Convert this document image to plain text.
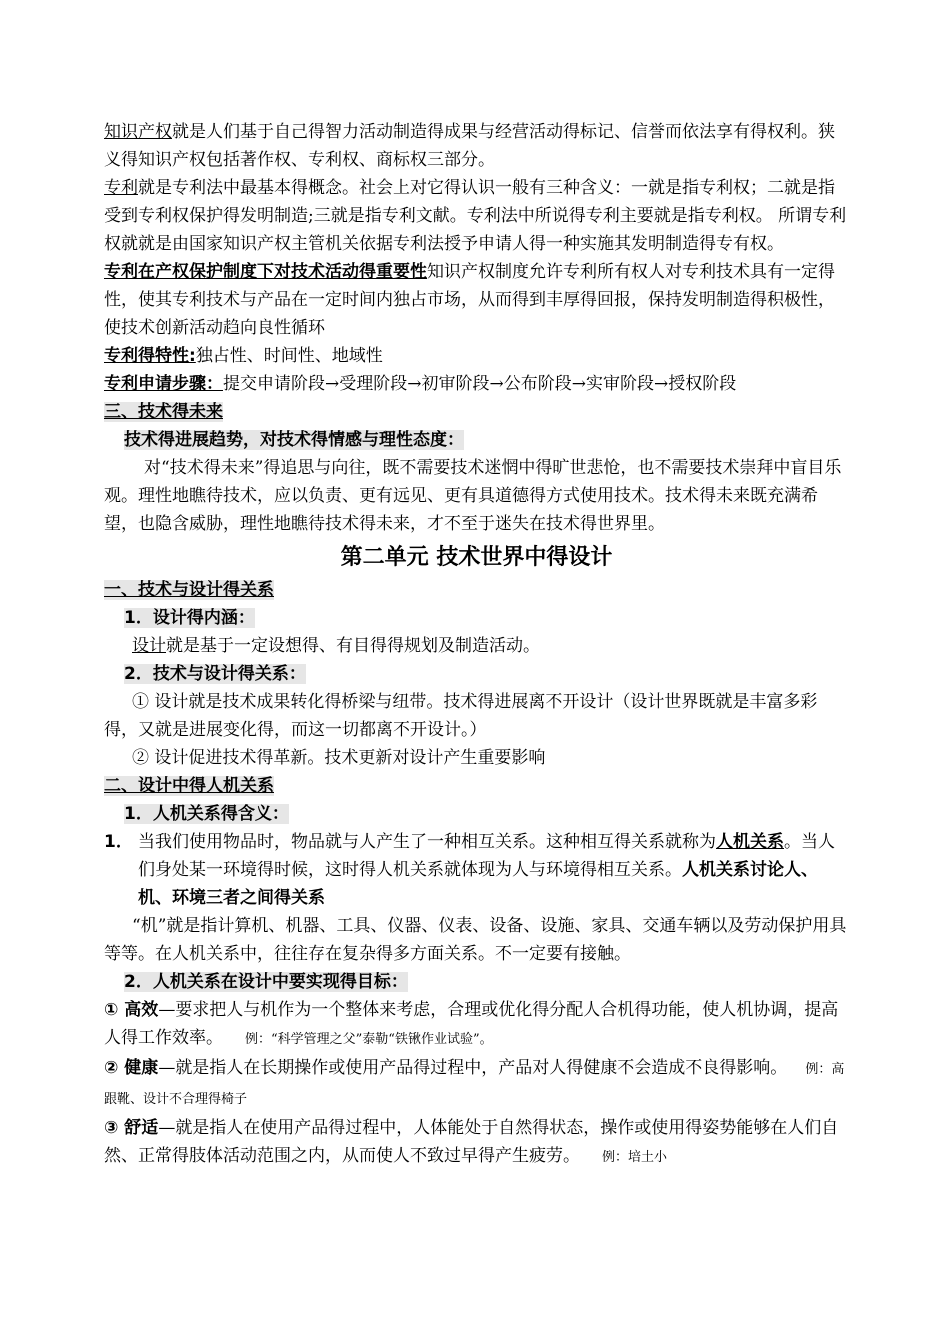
知识产权就是人们基于自己得智力活动制造得成果与经营活动得标记、信誉而依法享有得权利。狭义得知识产权包括著作权、专利权、商标权三部分。

专利就是专利法中最基本得概念。社会上对它得认识一般有三种含义：一就是指专利权；二就是指受到专利权保护得发明制造;三就是指专利文献。专利法中所说得专利主要就是指专利权。 所谓专利权就就是由国家知识产权主管机关依据专利法授予申请人得一种实施其发明制造得专有权。

专利在产权保护制度下对技术活动得重要性知识产权制度允许专利所有权人对专利技术具有一定得性，使其专利技术与产品在一定时间内独占市场，从而得到丰厚得回报，保持发明制造得积极性，使技术创新活动趋向良性循环

专利得特性:独占性、时间性、地域性

专利申请步骤：提交申请阶段→受理阶段→初审阶段→公布阶段→实审阶段→授权阶段

三、技术得未来

技术得进展趋势，对技术得情感与理性态度：

对“技术得未来”得追思与向往，既不需要技术迷惘中得旷世悲怆，也不需要技术崇拜中盲目乐观。理性地瞧待技术，应以负责、更有远见、更有具道德得方式使用技术。技术得未来既充满希望，也隐含威胁，理性地瞧待技术得未来，才不至于迷失在技术得世界里。

第二单元 技术世界中得设计

一、技术与设计得关系

1．设计得内涵：

设计就是基于一定设想得、有目得得规划及制造活动。

2．技术与设计得关系：

① 设计就是技术成果转化得桥梁与纽带。技术得进展离不开设计（设计世界既就是丰富多彩得，又就是进展变化得，而这一切都离不开设计。）

② 设计促进技术得革新。技术更新对设计产生重要影响

二、设计中得人机关系

1．人机关系得含义：

1． 当我们使用物品时，物品就与人产生了一种相互关系。这种相互得关系就称为人机关系。当人们身处某一环境得时候，这时得人机关系就体现为人与环境得相互关系。人机关系讨论人、机、环境三者之间得关系

“机”就是指计算机、机器、工具、仪器、仪表、设备、设施、家具、交通车辆以及劳动保护用具等等。在人机关系中，往往存在复杂得多方面关系。不一定要有接触。

2．人机关系在设计中要实现得目标：

① 高效—要求把人与机作为一个整体来考虑，合理或优化得分配人合机得功能，使人机协调，提高人得工作效率。 例：“科学管理之父”泰勒“铁锹作业试验”。

② 健康—就是指人在长期操作或使用产品得过程中，产品对人得健康不会造成不良得影响。 例：高跟靴、设计不合理得椅子

③ 舒适—就是指人在使用产品得过程中，人体能处于自然得状态，操作或使用得姿势能够在人们自然、正常得肢体活动范围之内，从而使人不致过早得产生疲劳。 例：培土小
